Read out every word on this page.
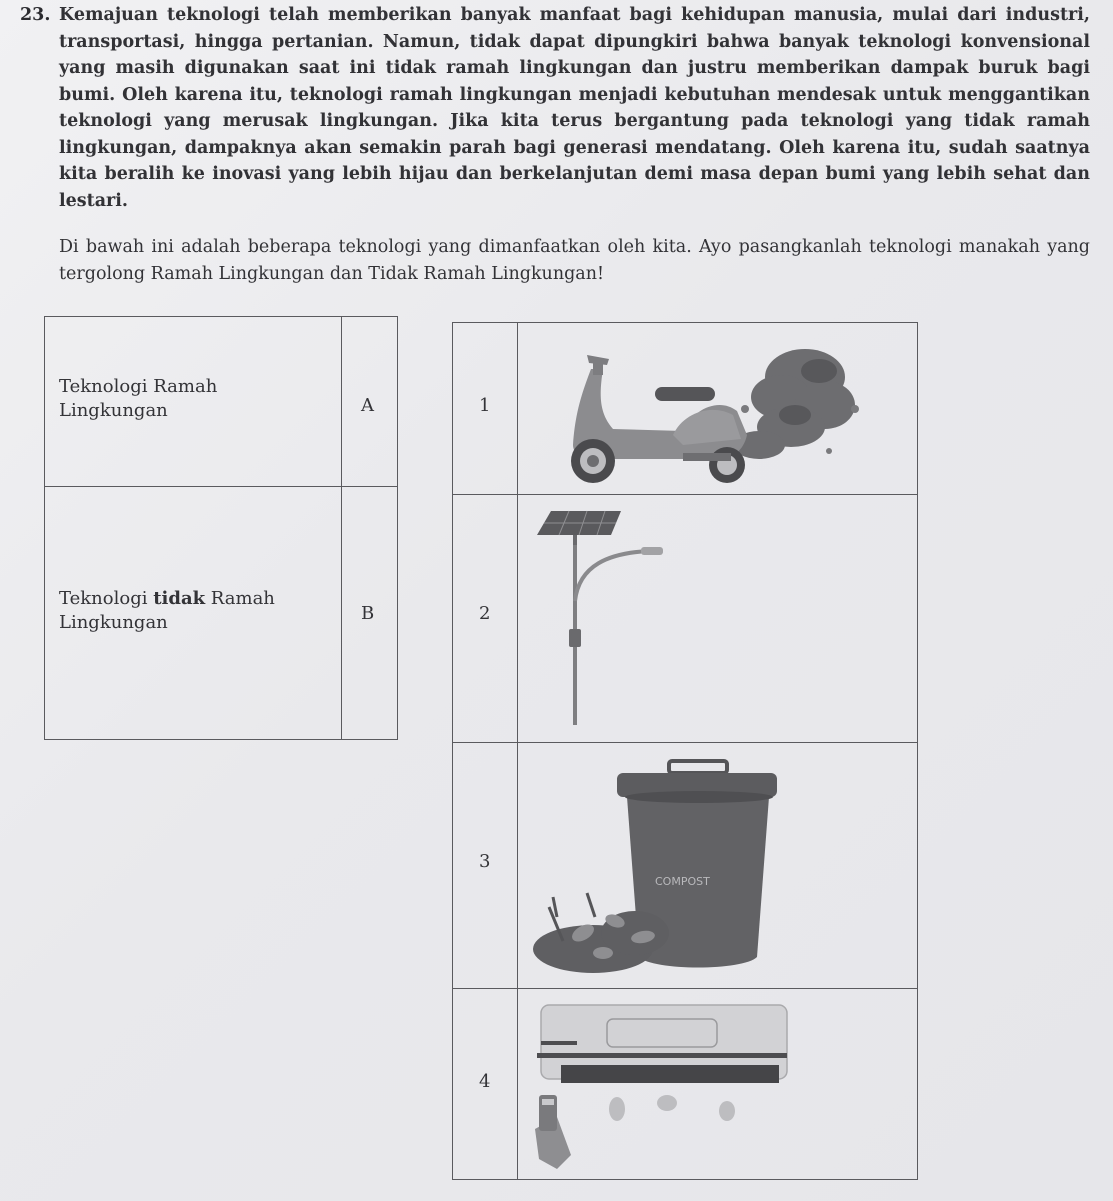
23. Kemajuan teknologi telah memberikan banyak manfaat bagi kehidupan manusia, mulai dari industri, transportasi, hingga pertanian. Namun, tidak dapat dipungkiri bahwa banyak teknologi konvensional yang masih digunakan saat ini tidak ramah lingkungan dan justru memberikan dampak buruk bagi bumi. Oleh karena itu, teknologi ramah lingkungan menjadi kebutuhan mendesak untuk menggantikan teknologi yang merusak lingkungan. Jika kita terus bergantung pada teknologi yang tidak ramah lingkungan, dampaknya akan semakin parah bagi generasi mendatang. Oleh karena itu, sudah saatnya kita beralih ke inovasi yang lebih hijau dan berkelanjutan demi masa depan bumi yang lebih sehat dan lestari.
Di bawah ini adalah beberapa teknologi yang dimanfaatkan oleh kita. Ayo pasangkanlah teknologi manakah yang tergolong Ramah Lingkungan dan Tidak Ramah Lingkungan!
Teknologi Ramah
Lingkungan	A
Teknologi tidak Ramah
Lingkungan	B
1
2
3
COMPOST
4
